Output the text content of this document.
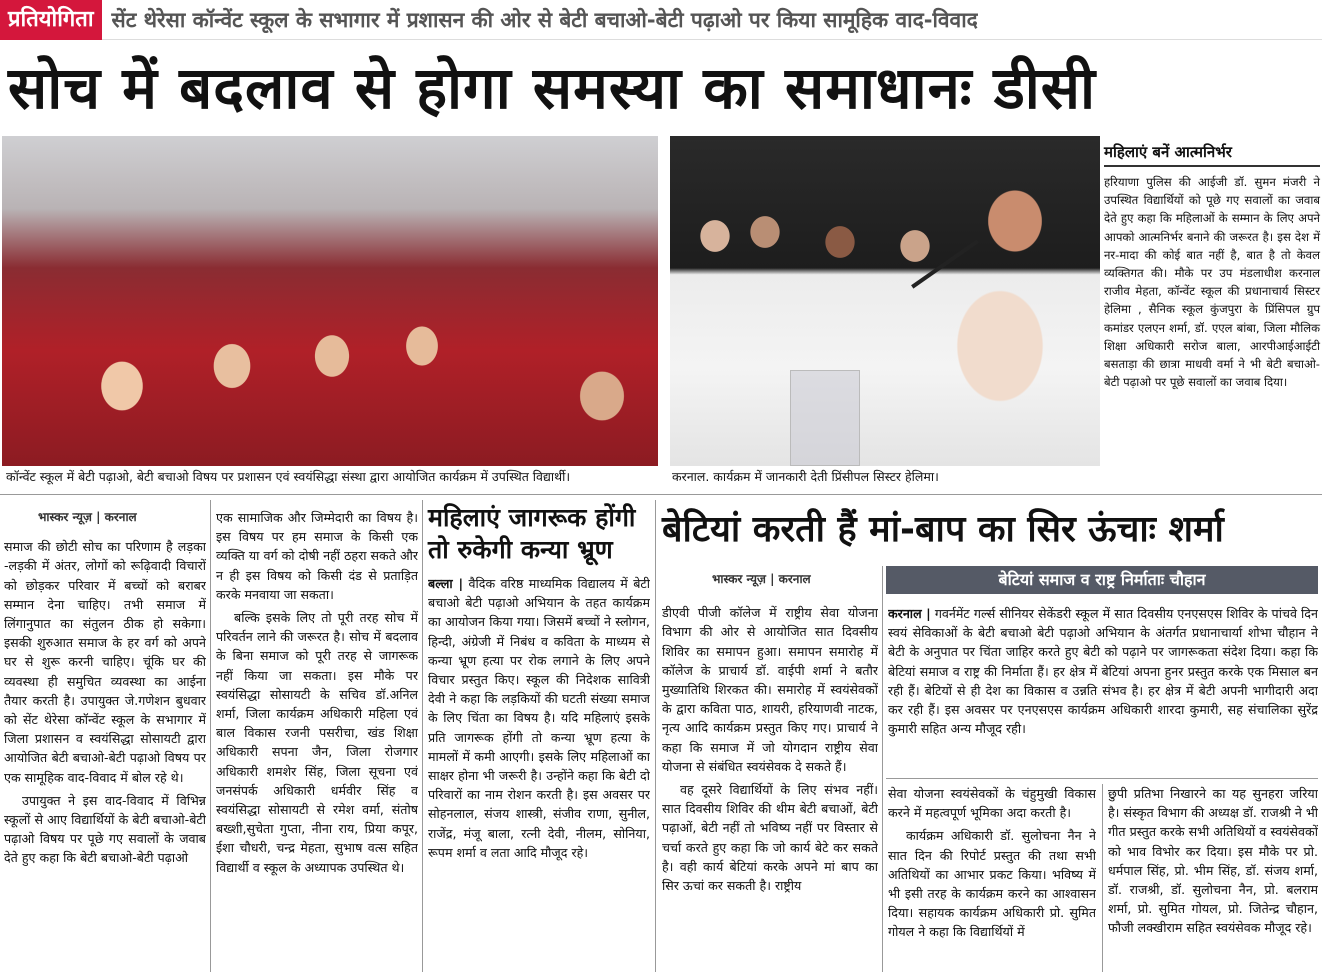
प्रतियोगिता सेंट थेरेसा कॉन्वेंट स्कूल के सभागार में प्रशासन की ओर से बेटी बचाओ-बेटी पढ़ाओ पर किया सामूहिक वाद-विवाद
सोच में बदलाव से होगा समस्या का समाधानः डीसी
कॉन्वेंट स्कूल में बेटी पढ़ाओ, बेटी बचाओ विषय पर प्रशासन एवं स्वयंसिद्धा संस्था द्वारा आयोजित कार्यक्रम में उपस्थित विद्यार्थी।	करनाल. कार्यक्रम में जानकारी देती प्रिंसीपल सिस्टर हेलिमा।
महिलाएं बनें आत्मनिर्भर
हरियाणा पुलिस की आईजी डॉ. सुमन मंजरी ने उपस्थित विद्यार्थियों को पूछे गए सवालों का जवाब देते हुए कहा कि महिलाओं के सम्मान के लिए अपने आपको आत्मनिर्भर बनाने की जरूरत है। इस देश में नर-मादा की कोई बात नहीं है, बात है तो केवल व्यक्तिगत की। मौके पर उप मंडलाधीश करनाल राजीव मेहता, कॉन्वेंट स्कूल की प्रधानाचार्य सिस्टर हेलिमा , सैनिक स्कूल कुंजपुरा के प्रिंसिपल ग्रुप कमांडर एलएन शर्मा, डॉ. एएल बांबा, जिला मौलिक शिक्षा अधिकारी सरोज बाला, आरपीआईआईटी बसताड़ा की छात्रा माधवी वर्मा ने भी बेटी बचाओ-बेटी पढ़ाओ पर पूछे सवालों का जवाब दिया।
भास्कर न्यूज़ | करनाल
समाज की छोटी सोच का परिणाम है लड़का -लड़की में अंतर, लोगों को रूढ़िवादी विचारों को छोड़कर परिवार में बच्चों को बराबर सम्मान देना चाहिए। तभी समाज में लिंगानुपात का संतुलन ठीक हो सकेगा। इसकी शुरुआत समाज के हर वर्ग को अपने घर से शुरू करनी चाहिए। चूंकि घर की व्यवस्था ही समुचित व्यवस्था का आईना तैयार करती है। उपायुक्त जे.गणेशन बुधवार को सेंट थेरेसा कॉन्वेंट स्कूल के सभागार में जिला प्रशासन व स्वयंसिद्धा सोसायटी द्वारा आयोजित बेटी बचाओ-बेटी पढ़ाओ विषय पर एक सामूहिक वाद-विवाद में बोल रहे थे।
उपायुक्त ने इस वाद-विवाद में विभिन्न स्कूलों से आए विद्यार्थियों के बेटी बचाओ-बेटी पढ़ाओ विषय पर पूछे गए सवालों के जवाब देते हुए कहा कि बेटी बचाओ-बेटी पढ़ाओ
एक सामाजिक और जिम्मेदारी का विषय है। इस विषय पर हम समाज के किसी एक व्यक्ति या वर्ग को दोषी नहीं ठहरा सकते और न ही इस विषय को किसी दंड से प्रताड़ित करके मनवाया जा सकता।
बल्कि इसके लिए तो पूरी तरह सोच में परिवर्तन लाने की जरूरत है। सोच में बदलाव के बिना समाज को पूरी तरह से जागरूक नहीं किया जा सकता। इस मौके पर स्वयंसिद्धा सोसायटी के सचिव डॉ.अनिल शर्मा, जिला कार्यक्रम अधिकारी महिला एवं बाल विकास रजनी पसरीचा, खंड शिक्षा अधिकारी सपना जैन, जिला रोजगार अधिकारी शमशेर सिंह, जिला सूचना एवं जनसंपर्क अधिकारी धर्मवीर सिंह व स्वयंसिद्धा सोसायटी से रमेश वर्मा, संतोष बख्शी,सुचेता गुप्ता, नीना राय, प्रिया कपूर, ईशा चौधरी, चन्द्र मेहता, सुभाष वत्स सहित विद्यार्थी व स्कूल के अध्यापक उपस्थित थे।
महिलाएं जागरूक होंगी तो रुकेगी कन्या भ्रूण
बल्ला | वैदिक वरिष्ठ माध्यमिक विद्यालय में बेटी बचाओ बेटी पढ़ाओ अभियान के तहत कार्यक्रम का आयोजन किया गया। जिसमें बच्चों ने स्लोगन, हिन्दी, अंग्रेजी में निबंध व कविता के माध्यम से कन्या भ्रूण हत्या पर रोक लगाने के लिए अपने विचार प्रस्तुत किए। स्कूल की निदेशक सावित्री देवी ने कहा कि लड़कियों की घटती संख्या समाज के लिए चिंता का विषय है। यदि महिलाएं इसके प्रति जागरूक होंगी तो कन्या भ्रूण हत्या के मामलों में कमी आएगी। इसके लिए महिलाओं का साक्षर होना भी जरूरी है। उन्होंने कहा कि बेटी दो परिवारों का नाम रोशन करती है। इस अवसर पर सोहनलाल, संजय शास्त्री, संजीव राणा, सुनील, राजेंद्र, मंजू बाला, रत्नी देवी, नीलम, सोनिया, रूपम शर्मा व लता आदि मौजूद रहे।
बेटियां करती हैं मां-बाप का सिर ऊंचाः शर्मा
भास्कर न्यूज़ | करनाल
डीएवी पीजी कॉलेज में राष्ट्रीय सेवा योजना विभाग की ओर से आयोजित सात दिवसीय शिविर का समापन हुआ। समापन समारोह में कॉलेज के प्राचार्य डॉ. वाईपी शर्मा ने बतौर मुख्यातिथि शिरकत की। समारोह में स्वयंसेवकों के द्वारा कविता पाठ, शायरी, हरियाणवी नाटक, नृत्य आदि कार्यक्रम प्रस्तुत किए गए। प्राचार्य ने कहा कि समाज में जो योगदान राष्ट्रीय सेवा योजना से संबंधित स्वयंसेवक दे सकते हैं।
वह दूसरे विद्यार्थियों के लिए संभव नहीं। सात दिवसीय शिविर की थीम बेटी बचाओं, बेटी पढ़ाओं, बेटी नहीं तो भविष्य नहीं पर विस्तार से चर्चा करते हुए कहा कि जो कार्य बेटे कर सकते है। वही कार्य बेटियां करके अपने मां बाप का सिर ऊचां कर सकती है। राष्ट्रीय
बेटियां समाज व राष्ट्र निर्माताः चौहान
करनाल | गवर्नमेंट गर्ल्स सीनियर सेकेंडरी स्कूल में सात दिवसीय एनएसएस शिविर के पांचवे दिन स्वयं सेविकाओं के बेटी बचाओ बेटी पढ़ाओ अभियान के अंतर्गत प्रधानाचार्या शोभा चौहान ने बेटी के अनुपात पर चिंता जाहिर करते हुए बेटी को पढ़ाने पर जागरूकता संदेश दिया। कहा कि बेटियां समाज व राष्ट्र की निर्माता हैं। हर क्षेत्र में बेटियां अपना हुनर प्रस्तुत करके एक मिसाल बन रही हैं। बेटियों से ही देश का विकास व उन्नति संभव है। हर क्षेत्र में बेटी अपनी भागीदारी अदा कर रही हैं। इस अवसर पर एनएसएस कार्यक्रम अधिकारी शारदा कुमारी, सह संचालिका सुरेंद्र कुमारी सहित अन्य मौजूद रही।
सेवा योजना स्वयंसेवकों के चंहुमुखी विकास करने में महत्वपूर्ण भूमिका अदा करती है।
कार्यक्रम अधिकारी डॉ. सुलोचना नैन ने सात दिन की रिपोर्ट प्रस्तुत की तथा सभी अतिथियों का आभार प्रकट किया। भविष्य में भी इसी तरह के कार्यक्रम करने का आश्वासन दिया। सहायक कार्यक्रम अधिकारी प्रो. सुमित गोयल ने कहा कि विद्यार्थियों में
छुपी प्रतिभा निखारने का यह सुनहरा जरिया है। संस्कृत विभाग की अध्यक्ष डॉ. राजश्री ने भी गीत प्रस्तुत करके सभी अतिथियों व स्वयंसेवकों को भाव विभोर कर दिया। इस मौके पर प्रो. धर्मपाल सिंह, प्रो. भीम सिंह, डॉ. संजय शर्मा, डॉ. राजश्री, डॉ. सुलोचना नैन, प्रो. बलराम शर्मा, प्रो. सुमित गोयल, प्रो. जितेन्द्र चौहान, फौजी लक्खीराम सहित स्वयंसेवक मौजूद रहे।
